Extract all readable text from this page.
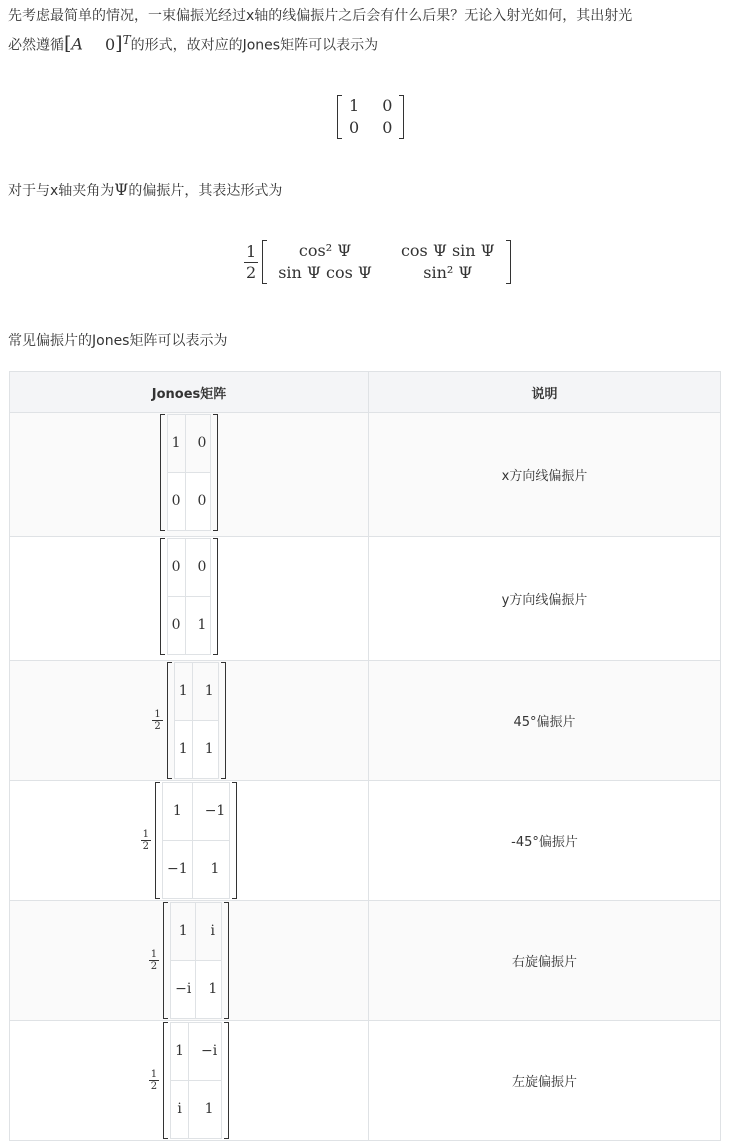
先考虑最简单的情况，一束偏振光经过x轴的线偏振片之后会有什么后果？无论入射光如何，其出射光
必然遵循[A 0]$^T$的形式，故对应的Jones矩阵可以表示为
1	0
0	0

对于与x轴夹角为Ψ的偏振片，其表达形式为

$\frac{1}{2}$	cos² Ψ	cos Ψ sin Ψ
sin Ψ cos Ψ	sin² Ψ

常见偏振片的Jones矩阵可以表示为

Jonoes矩阵	说明

1	0
0	0
	x方向线偏振片

0	0
0	1
	y方向线偏振片

$\frac{1}{2}$
1	1
1	1
	45°偏振片

$\frac{1}{2}$
1	−1
−1	1
	-45°偏振片

$\frac{1}{2}$
1	i
−i	1
	右旋偏振片

$\frac{1}{2}$
1	−i
i	1
	左旋偏振片
